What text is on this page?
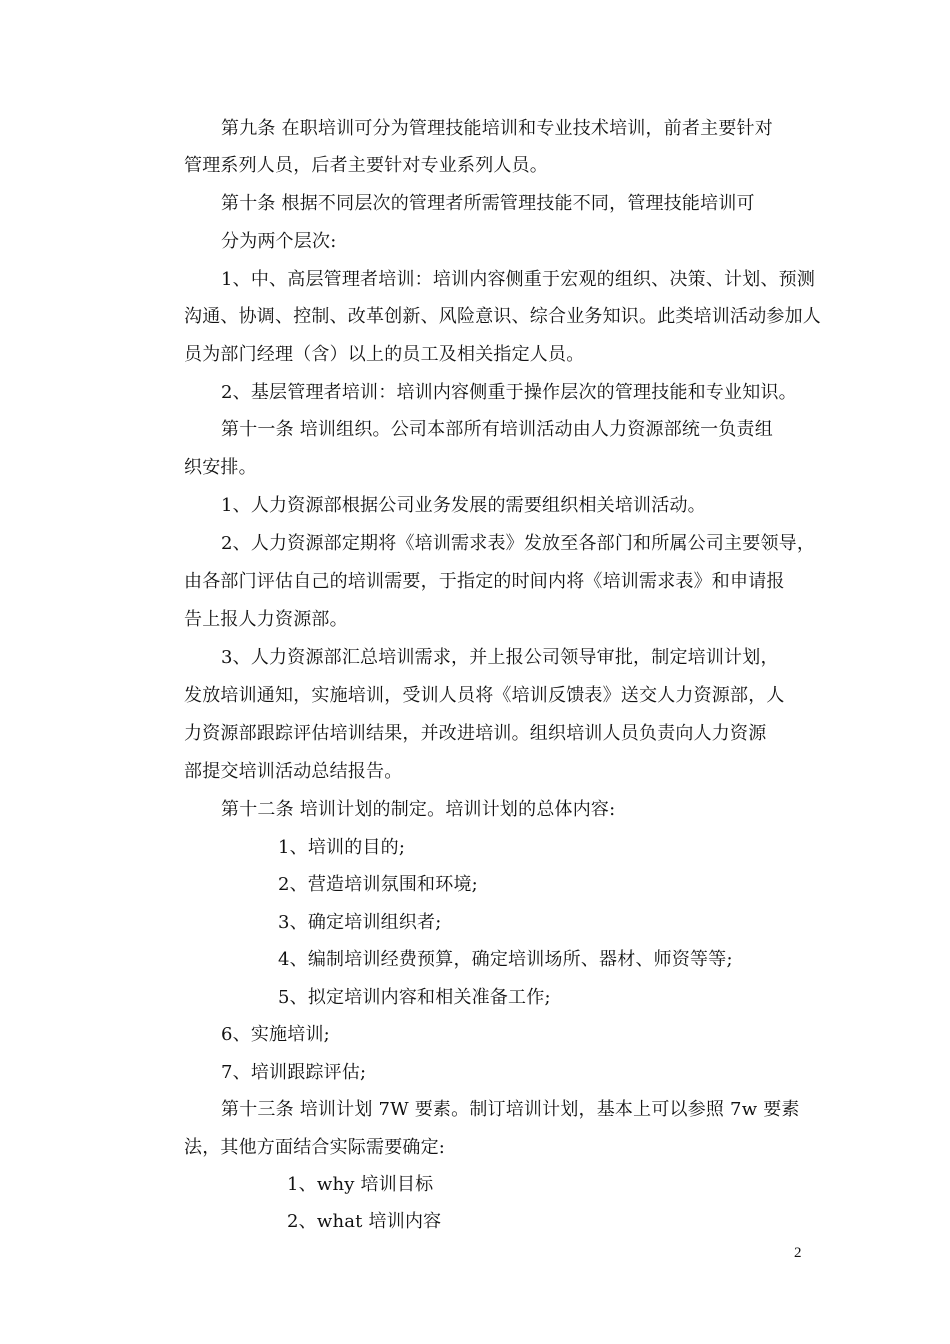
第九条 在职培训可分为管理技能培训和专业技术培训，前者主要针对
管理系列人员，后者主要针对专业系列人员。
第十条 根据不同层次的管理者所需管理技能不同，管理技能培训可
分为两个层次:
1、中、高层管理者培训：培训内容侧重于宏观的组织、决策、计划、预测
沟通、协调、控制、改革创新、风险意识、综合业务知识。此类培训活动参加人
员为部门经理（含）以上的员工及相关指定人员。
2、基层管理者培训：培训内容侧重于操作层次的管理技能和专业知识。
第十一条 培训组织。公司本部所有培训活动由人力资源部统一负责组
织安排。
1、人力资源部根据公司业务发展的需要组织相关培训活动。
2、人力资源部定期将《培训需求表》发放至各部门和所属公司主要领导，
由各部门评估自己的培训需要，于指定的时间内将《培训需求表》和申请报
告上报人力资源部。
3、人力资源部汇总培训需求，并上报公司领导审批，制定培训计划，
发放培训通知，实施培训，受训人员将《培训反馈表》送交人力资源部，人
力资源部跟踪评估培训结果，并改进培训。组织培训人员负责向人力资源
部提交培训活动总结报告。
第十二条 培训计划的制定。培训计划的总体内容:
1、培训的目的;
2、营造培训氛围和环境;
3、确定培训组织者;
4、编制培训经费预算，确定培训场所、器材、师资等等;
5、拟定培训内容和相关准备工作;
6、实施培训;
7、培训跟踪评估;
第十三条 培训计划 7W 要素。制订培训计划，基本上可以参照 7w 要素
法，其他方面结合实际需要确定:
1、why 培训目标
2、what 培训内容
2
